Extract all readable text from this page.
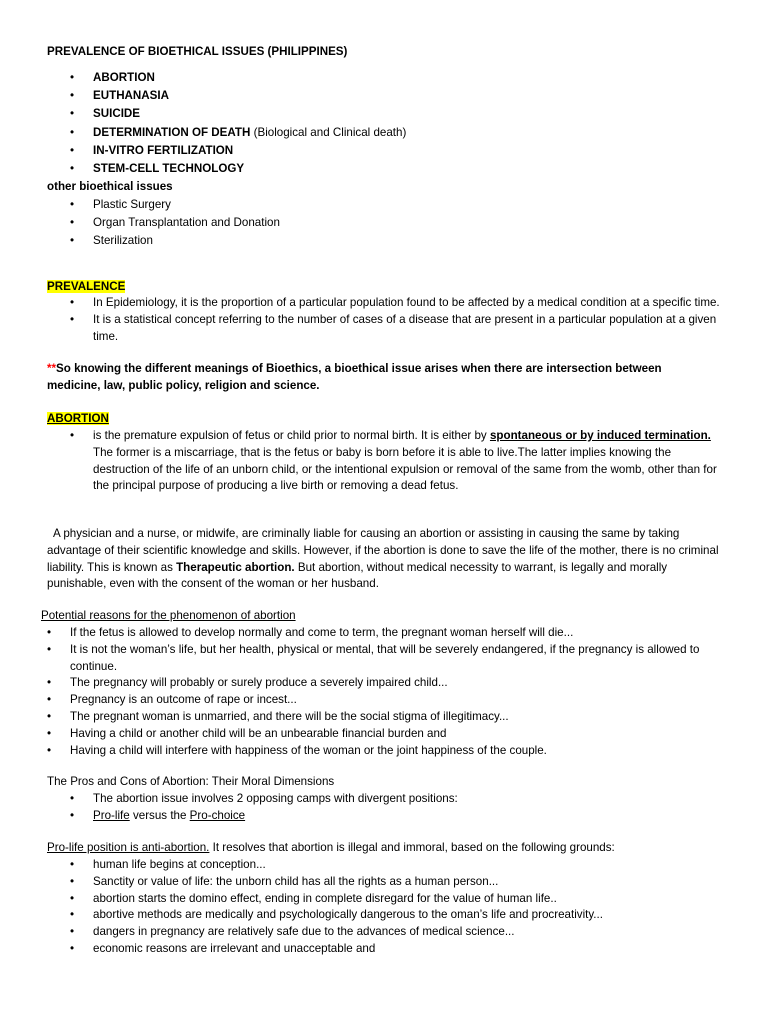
PREVALENCE OF BIOETHICAL ISSUES (PHILIPPINES)
• ABORTION
• EUTHANASIA
• SUICIDE
• DETERMINATION OF DEATH (Biological and Clinical death)
• IN-VITRO FERTILIZATION
• STEM-CELL TECHNOLOGY
other bioethical issues
• Plastic Surgery
• Organ Transplantation and Donation
• Sterilization
PREVALENCE
• In Epidemiology, it is the proportion of a particular population found to be affected by a medical condition at a specific time.
• It is a statistical concept referring to the number of cases of a disease that are present in a particular population at a given time.
**So knowing the different meanings of Bioethics, a bioethical issue arises when there are intersection between medicine, law, public policy, religion and science.
ABORTION
• is the premature expulsion of fetus or child prior to normal birth. It is either by spontaneous or by induced termination. The former is a miscarriage, that is the fetus or baby is born before it is able to live.The latter implies knowing the destruction of the life of an unborn child, or the intentional expulsion or removal of the same from the womb, other than for the principal purpose of producing a live birth or removing a dead fetus.
A physician and a nurse, or midwife, are criminally liable for causing an abortion or assisting in causing the same by taking advantage of their scientific knowledge and skills. However, if the abortion is done to save the life of the mother, there is no criminal liability. This is known as Therapeutic abortion. But abortion, without medical necessity to warrant, is legally and morally punishable, even with the consent of the woman or her husband.
Potential reasons for the phenomenon of abortion
• If the fetus is allowed to develop normally and come to term, the pregnant woman herself will die...
• It is not the woman’s life, but her health, physical or mental, that will be severely endangered, if the pregnancy is allowed to continue.
• The pregnancy will probably or surely produce a severely impaired child...
• Pregnancy is an outcome of rape or incest...
• The pregnant woman is unmarried, and there will be the social stigma of illegitimacy...
• Having a child or another child will be an unbearable financial burden and
• Having a child will interfere with happiness of the woman or the joint happiness of the couple.
The Pros and Cons of Abortion: Their Moral Dimensions
• The abortion issue involves 2 opposing camps with divergent positions:
• Pro-life versus the Pro-choice
Pro-life position is anti-abortion. It resolves that abortion is illegal and immoral, based on the following grounds:
• human life begins at conception...
• Sanctity or value of life: the unborn child has all the rights as a human person...
• abortion starts the domino effect, ending in complete disregard for the value of human life..
• abortive methods are medically and psychologically dangerous to the oman’s life and procreativity...
• dangers in pregnancy are relatively safe due to the advances of medical science...
• economic reasons are irrelevant and unacceptable and
